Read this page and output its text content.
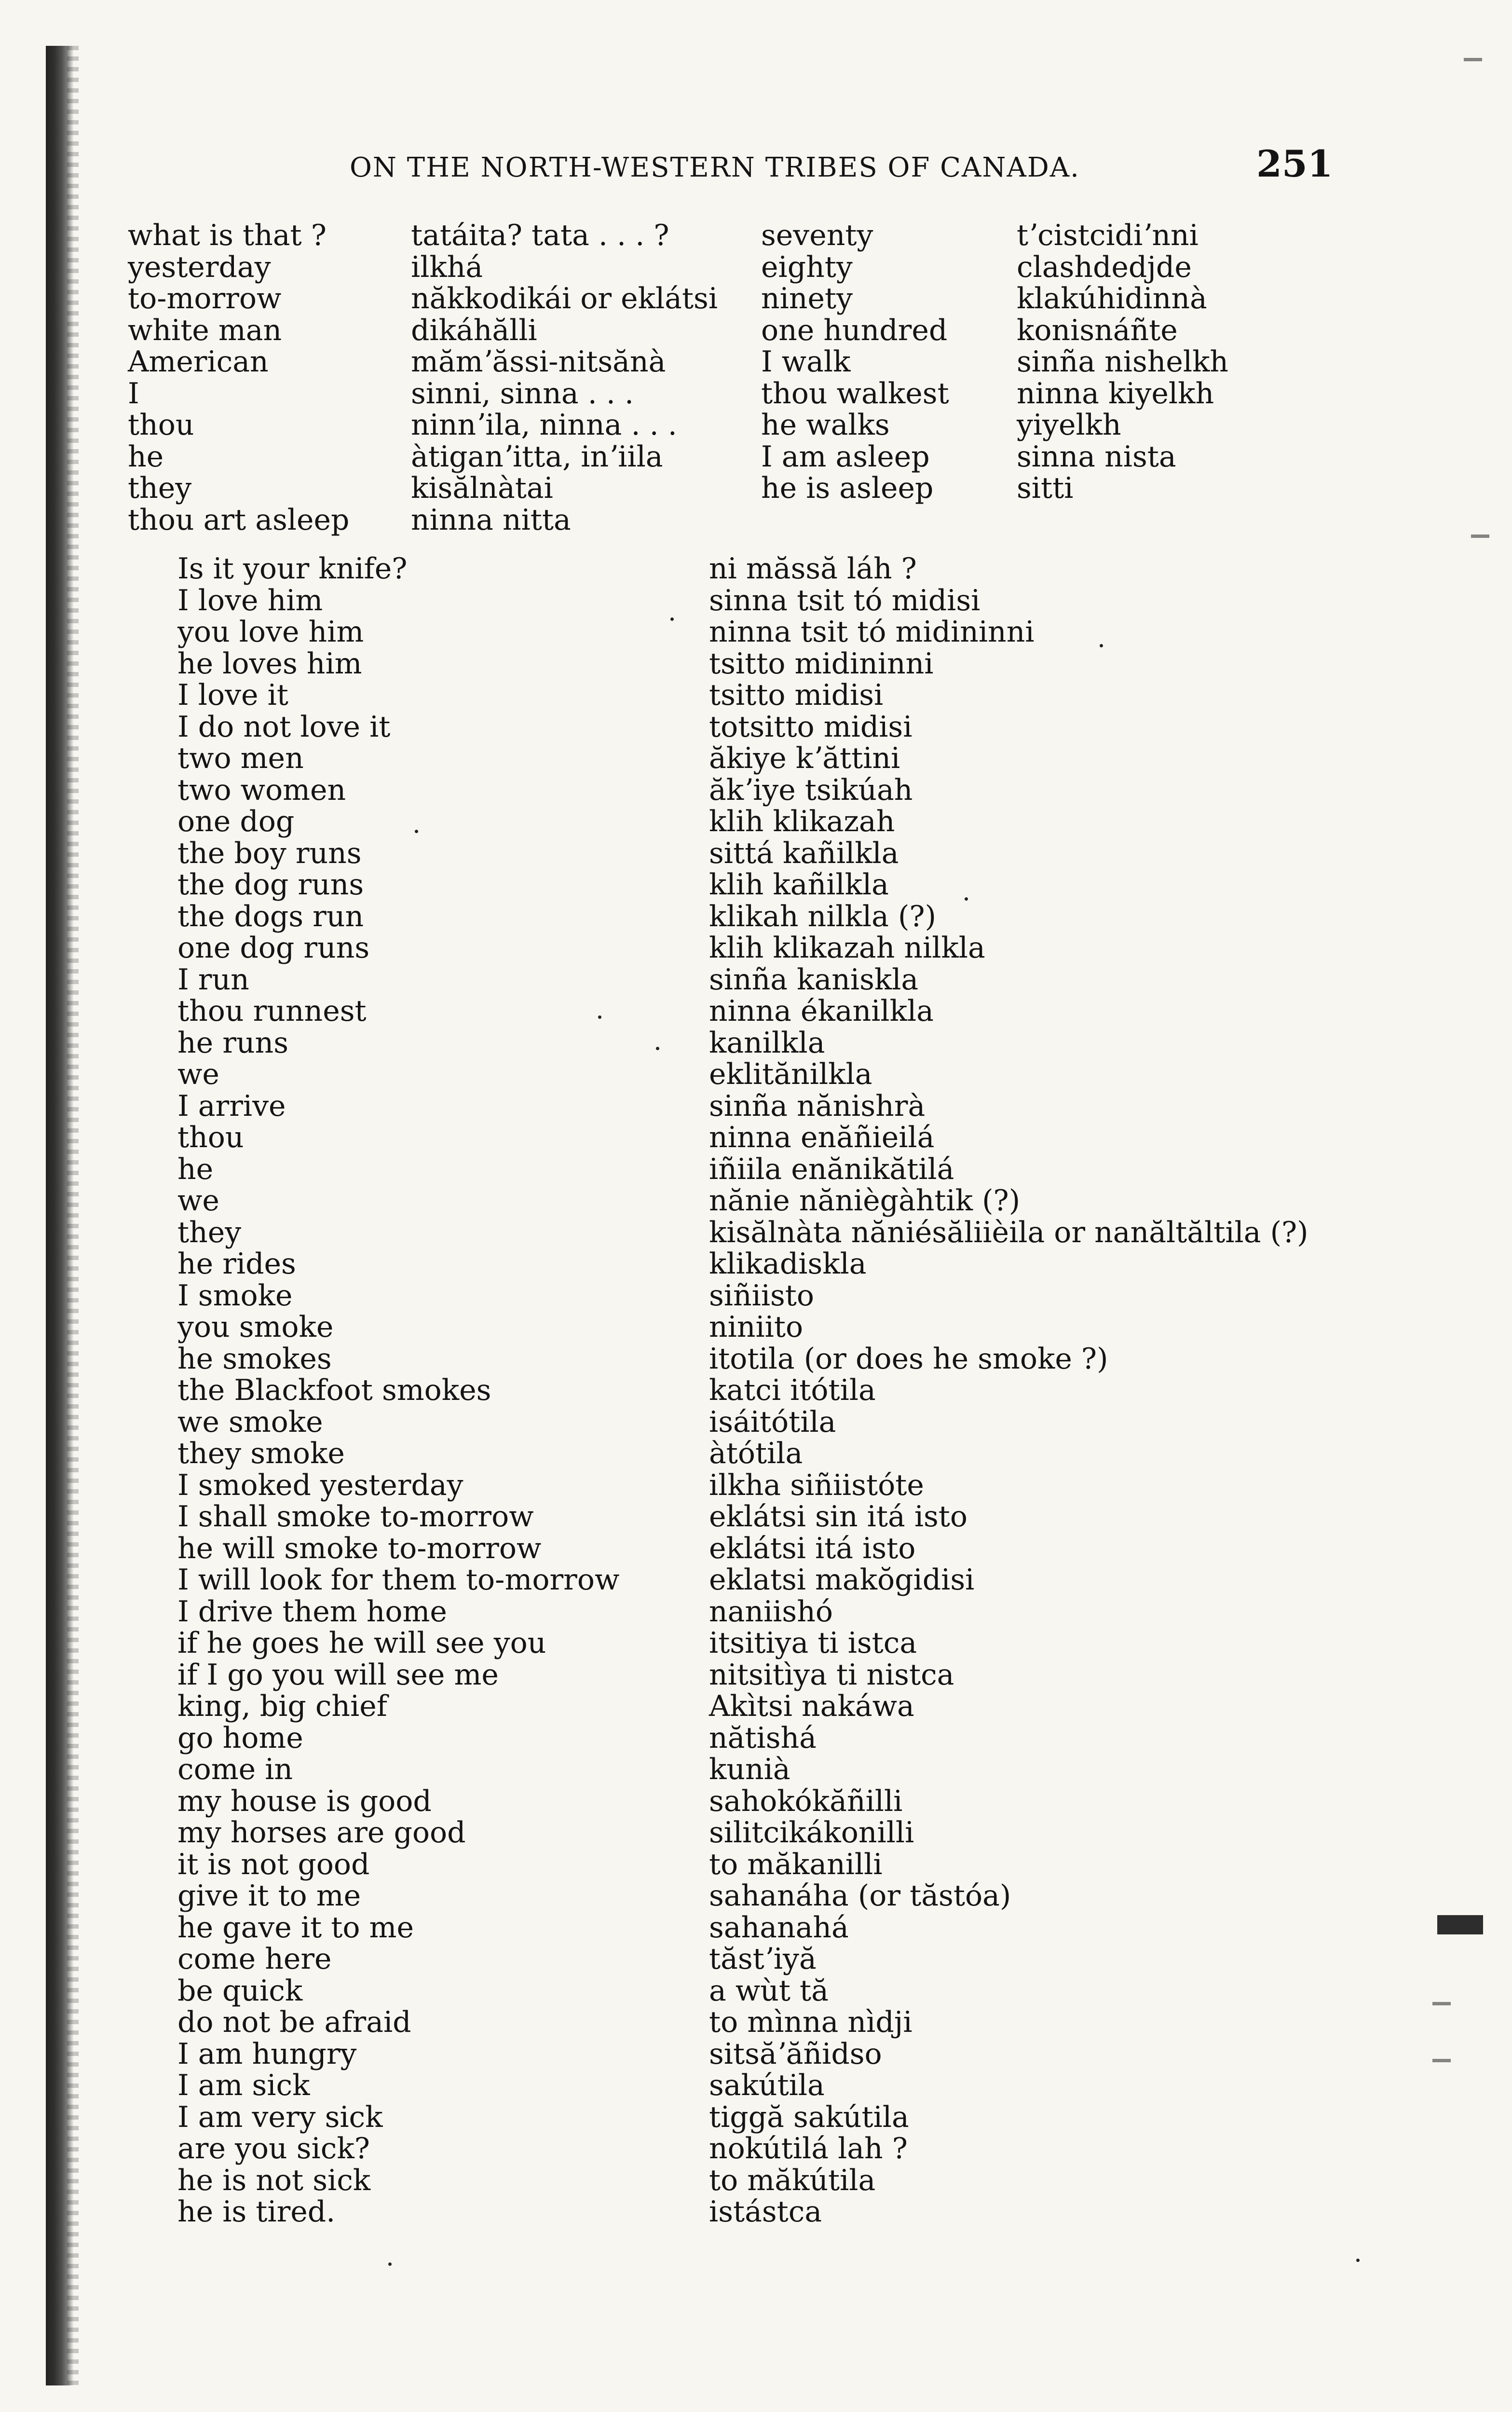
ON THE NORTH-WESTERN TRIBES OF CANADA.	251
what is that ?
yesterday
to-morrow
white man
American
I
thou
he
they
thou art asleep
tatáita? tata . . . ?
ilkhá
năkkodikái or eklátsi
dikáhălli
mămʼăssi-nitsănà
sinni, sinna . . .
ninnʼila, ninna . . .
àtiganʼitta, inʼiila
kisălnàtai
ninna nitta
seventy
eighty
ninety
one hundred
I walk
thou walkest
he walks
I am asleep
he is asleep
tʼcistcidiʼnni
clashdedjde
klakúhidinnà
konisnáñte
sinña nishelkh
ninna kiyelkh
yiyelkh
sinna nista
sitti
Is it your knife?
I love him
you love him
he loves him
I love it
I do not love it
two men
two women
one dog
the boy runs
the dog runs
the dogs run
one dog runs
I run
thou runnest
he runs
we
I arrive
thou
he
we
they
he rides
I smoke
you smoke
he smokes
the Blackfoot smokes
we smoke
they smoke
I smoked yesterday
I shall smoke to-morrow
he will smoke to-morrow
I will look for them to-morrow
I drive them home
if he goes he will see you
if I go you will see me
king, big chief
go home
come in
my house is good
my horses are good
it is not good
give it to me
he gave it to me
come here
be quick
do not be afraid
I am hungry
I am sick
I am very sick
are you sick?
he is not sick
he is tired.
ni măssă láh ?
sinna tsit tó midisi
ninna tsit tó midininni
tsitto midininni
tsitto midisi
totsitto midisi
ăkiye kʼăttini
ăkʼiye tsikúah
klih klikazah
sittá kañilkla
klih kañilkla
klikah nilkla (?)
klih klikazah nilkla
sinña kaniskla
ninna ékanilkla
kanilkla
eklitănilkla
sinña nănishrà
ninna enăñieilá
iñiila enănikătilá
nănie năniègàhtik (?)
kisălnàta năniésăliièila or nanăltăltila (?)
klikadiskla
siñiisto
niniito
itotila (or does he smoke ?)
katci itótila
isáitótila
àtótila
ilkha siñiistóte
eklátsi sin itá isto
eklátsi itá isto
eklatsi makŏgidisi
naniishó
itsitiya ti istca
nitsitìya ti nistca
Akìtsi nakáwa
nătishá
kunià
sahokókăñilli
silitcikákonilli
to măkanilli
sahanáha (or tăstóa)
sahanahá
tăstʼiyă
a wùt tă
to mìnna nìdji
sitsăʼăñidso
sakútila
tiggă sakútila
nokútilá lah ?
to măkútila
istástca
